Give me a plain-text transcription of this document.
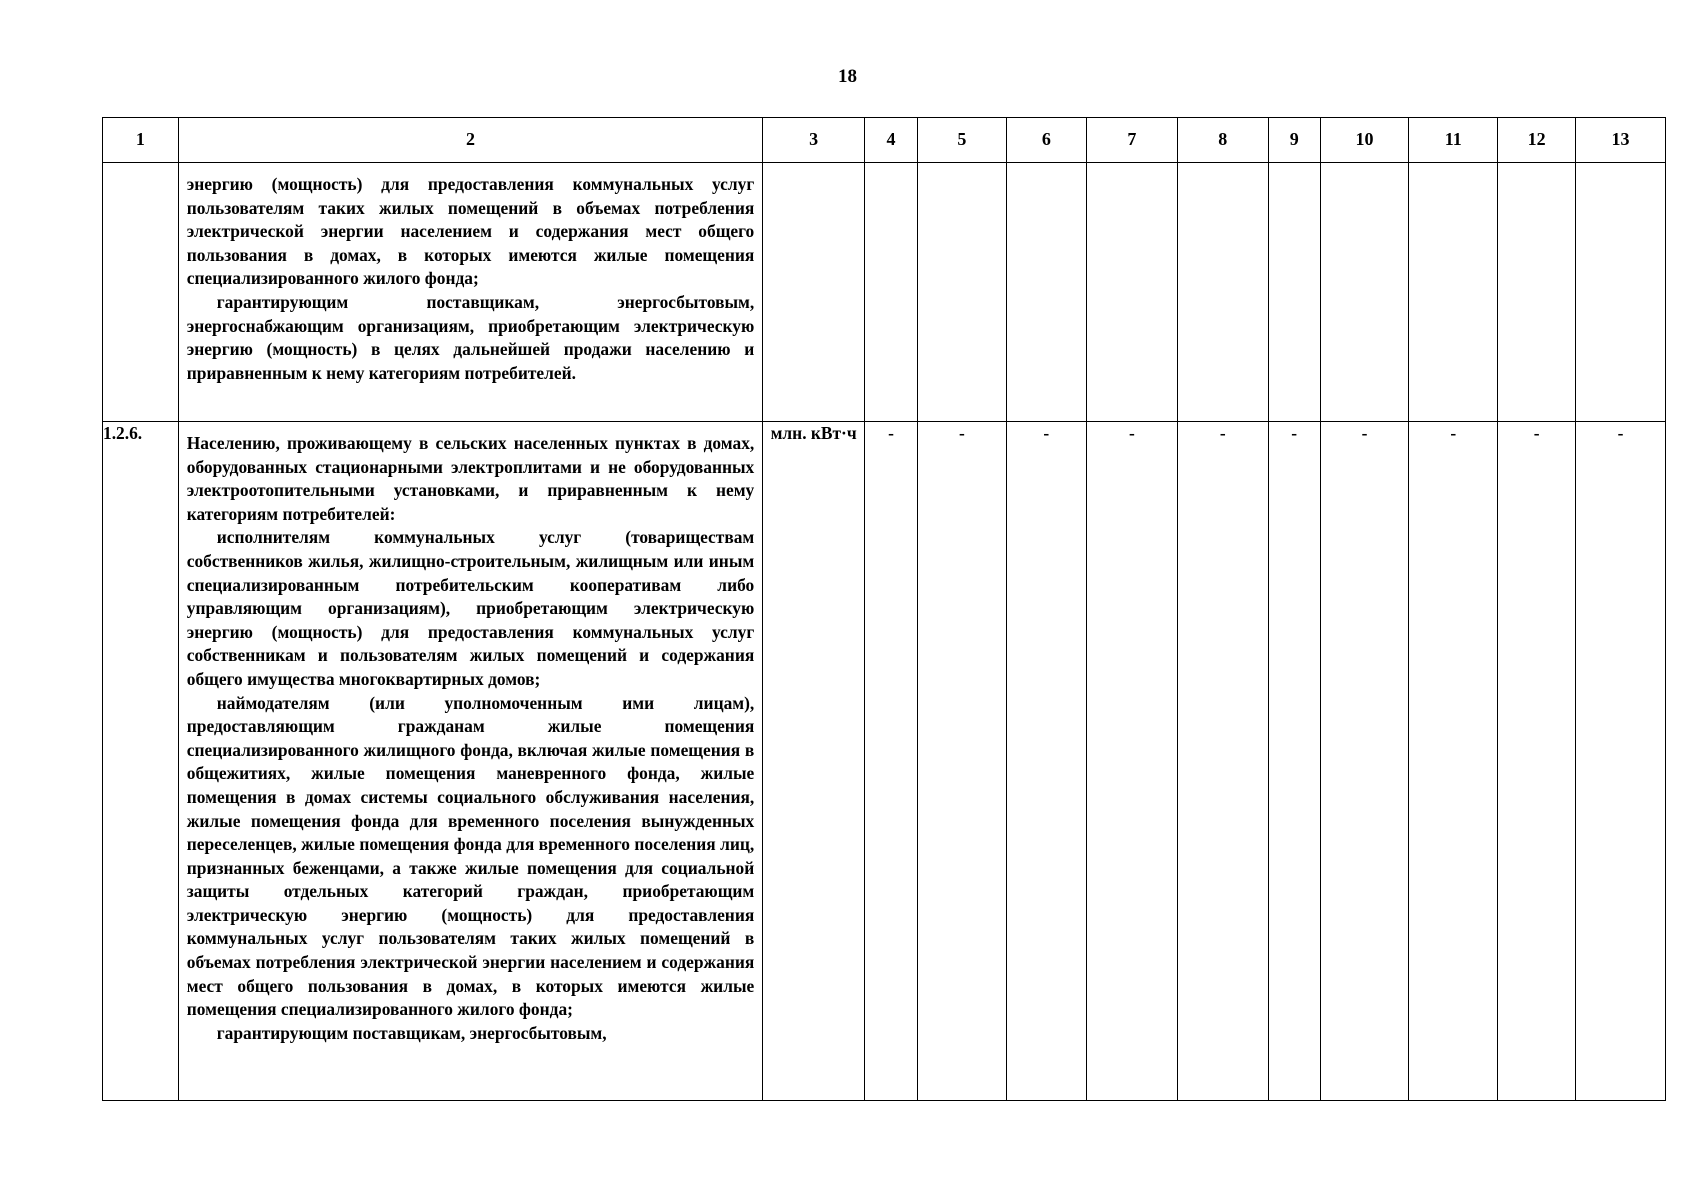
18
1	2	3	4	5	6	7	8	9	10	11	12	13

	энергию (мощность) для предоставления коммунальных услуг пользователям таких жилых помещений в объемах потребления электрической энергии населением и содержания мест общего пользования в домах, в которых имеются жилые помещения специализированного жилого фонда;

гарантирующим поставщикам, энергосбытовым, энергоснабжающим организациям, приобретающим электрическую энергию (мощность) в целях дальнейшей продажи населению и приравненным к нему категориям потребителей.											

1.2.6.	Населению, проживающему в сельских населенных пунктах в домах, оборудованных стационарными электроплитами и не оборудованных электроотопительными установками, и приравненным к нему категориям потребителей:

исполнителям коммунальных услуг (товариществам собственников жилья, жилищно-строительным, жилищным или иным специализированным потребительским кооперативам либо управляющим организациям), приобретающим электрическую энергию (мощность) для предоставления коммунальных услуг собственникам и пользователям жилых помещений и содержания общего имущества многоквартирных домов;

наймодателям (или уполномоченным ими лицам), предоставляющим гражданам жилые помещения специализированного жилищного фонда, включая жилые помещения в общежитиях, жилые помещения маневренного фонда, жилые помещения в домах системы социального обслуживания населения, жилые помещения фонда для временного поселения вынужденных переселенцев, жилые помещения фонда для временного поселения лиц, признанных беженцами, а также жилые помещения для социальной защиты отдельных категорий граждан, приобретающим электрическую энергию (мощность) для предоставления коммунальных услуг пользователям таких жилых помещений в объемах потребления электрической энергии населением и содержания мест общего пользования в домах, в которых имеются жилые помещения специализированного жилого фонда;

гарантирующим поставщикам, энергосбытовым,	млн. кВт·ч	-	-	-	-	-	-	-	-	-	-
